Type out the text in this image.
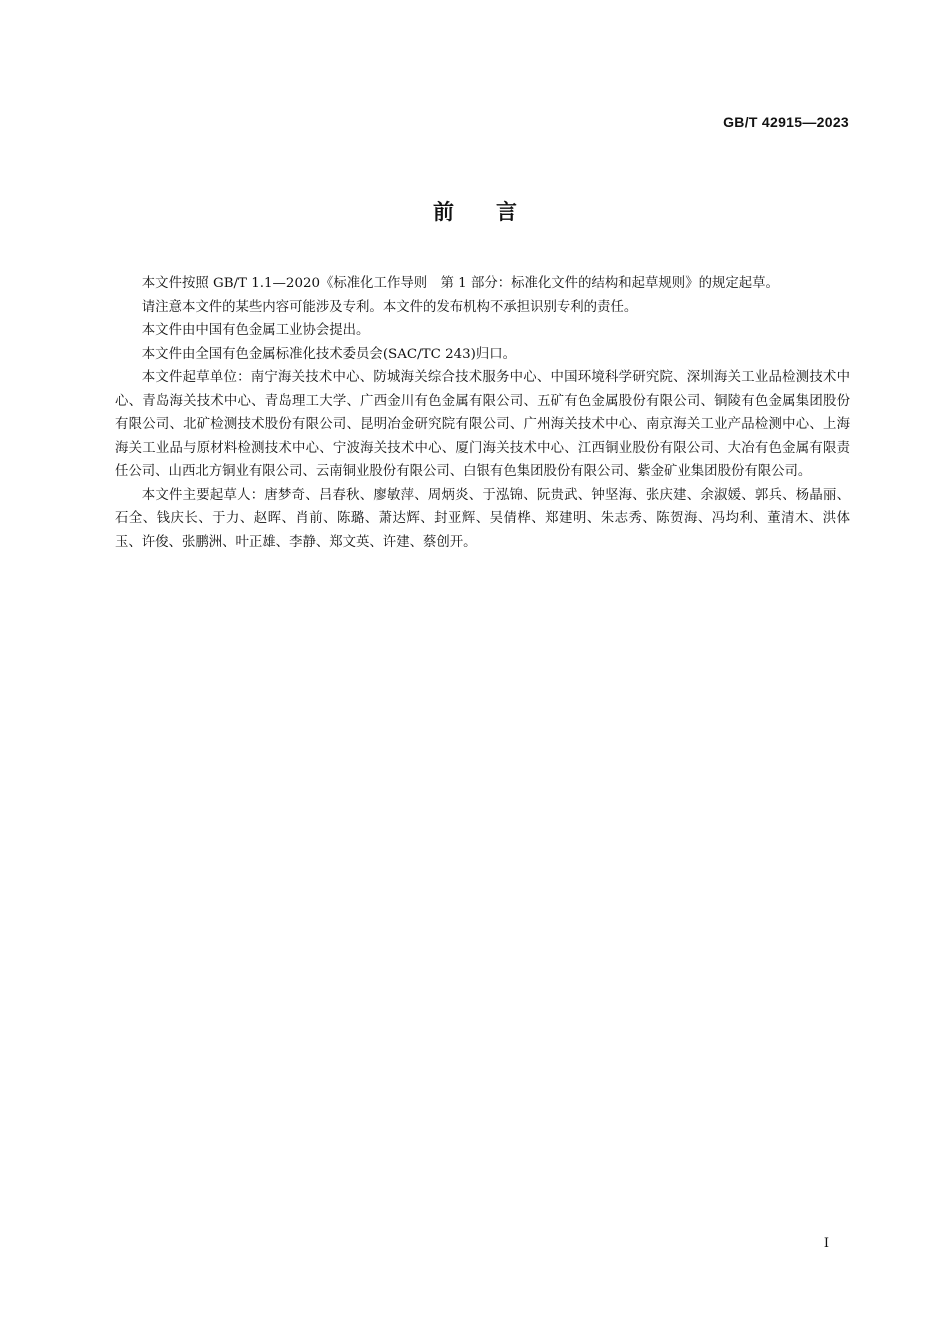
GB/T 42915—2023
前言

本文件按照 GB/T 1.1—2020《标准化工作导则　第 1 部分：标准化文件的结构和起草规则》的规定起草。

请注意本文件的某些内容可能涉及专利。本文件的发布机构不承担识别专利的责任。

本文件由中国有色金属工业协会提出。

本文件由全国有色金属标准化技术委员会(SAC/TC 243)归口。

本文件起草单位：南宁海关技术中心、防城海关综合技术服务中心、中国环境科学研究院、深圳海关工业品检测技术中心、青岛海关技术中心、青岛理工大学、广西金川有色金属有限公司、五矿有色金属股份有限公司、铜陵有色金属集团股份有限公司、北矿检测技术股份有限公司、昆明冶金研究院有限公司、广州海关技术中心、南京海关工业产品检测中心、上海海关工业品与原材料检测技术中心、宁波海关技术中心、厦门海关技术中心、江西铜业股份有限公司、大冶有色金属有限责任公司、山西北方铜业有限公司、云南铜业股份有限公司、白银有色集团股份有限公司、紫金矿业集团股份有限公司。

本文件主要起草人：唐梦奇、吕春秋、廖敏萍、周炳炎、于泓锦、阮贵武、钟坚海、张庆建、余淑媛、郭兵、杨晶丽、石全、钱庆长、于力、赵晖、肖前、陈璐、萧达辉、封亚辉、吴倩桦、郑建明、朱志秀、陈贺海、冯均利、董清木、洪体玉、许俊、张鹏洲、叶正雄、李静、郑文英、许建、蔡创开。

I
